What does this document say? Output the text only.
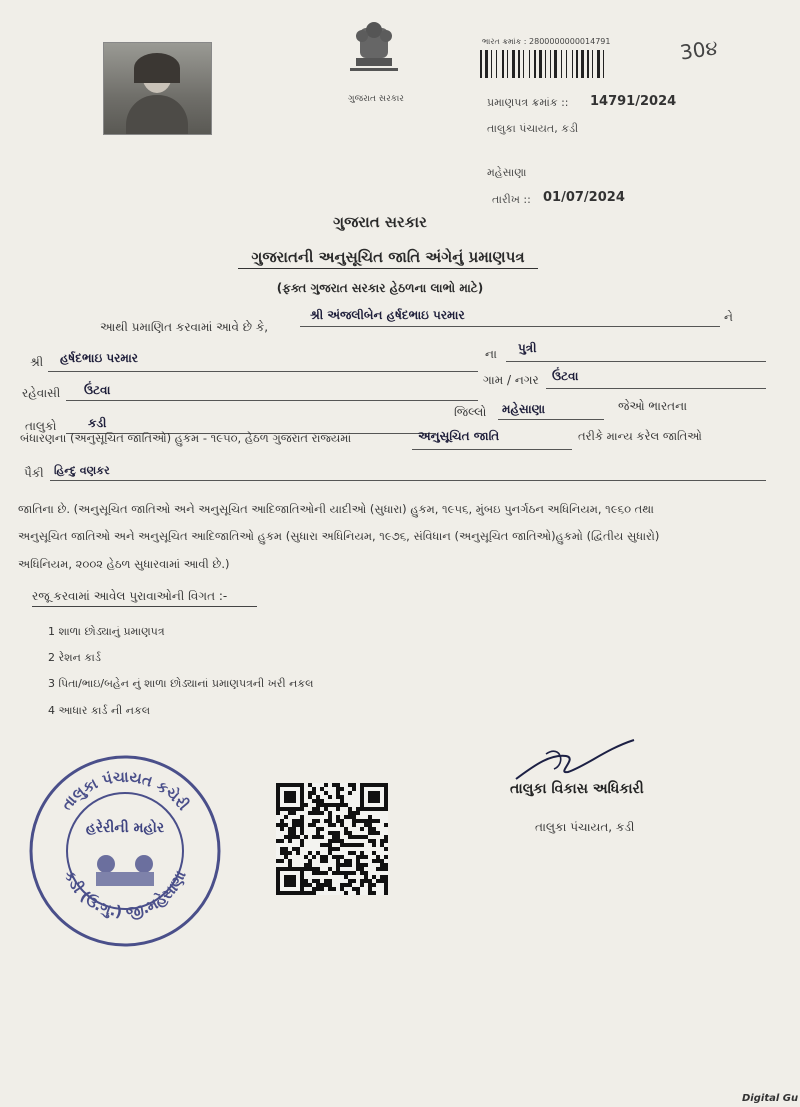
ગુજરાત સરકાર
ભારત ક્રમાંક : 2800000000014791	30૪
પ્રમાણપત્ર ક્રમાંક :: 14791/2024
તાલુકા પંચાયત, કડી
મહેસાણા
તારીખ :: 01/07/2024
ગુજરાત સરકાર
ગુજરાતની અનુસૂચિત જાતિ અંગેનું પ્રમાણપત્ર
(ફક્ત ગુજરાત સરકાર હેઠળના લાભો માટે)
આથી પ્રમાણિત કરવામાં આવે છે કે,
શ્રી અંજલીબેન હર્ષદભાઇ પરમાર	ને
શ્રી હર્ષદભાઇ પરમાર	ના પુત્રી
રહેવાસી ઉંટવા
ગામ / નગર ઉંટવા
તાલુકો	કડી
જિલ્લો મહેસાણા	જેઓ ભારતના
બંધારણના (અનુસૂચિત જાતિઓ) હુકમ - ૧૯૫૦, હેઠળ ગુજરાત રાજ્યમાં	અનુસૂચિત જાતિ	તરીકે માન્ય કરેલ જાતિઓ
પૈકી હિન્દુ વણકર
જાતિના છે. (અનુસૂચિત જાતિઓ અને અનુસૂચિત આદિજાતિઓની યાદીઓ (સુધારા) હુકમ, ૧૯૫૬, મુંબઇ પુનર્ગઠન અધિનિયમ, ૧૯૬૦ તથા
અનુસૂચિત જાતિઓ અને અનુસૂચિત આદિજાતિઓ હુકમ (સુધારા અધિનિયમ, ૧૯૭૬, સંવિધાન (અનુસૂચિત જાતિઓ)હુકમો (દ્વિતીય સુધારો)
અધિનિયમ, ૨૦૦૨ હેઠળ સુધારવામાં આવી છે.)
રજૂ કરવામાં આવેલ પુરાવાઓની વિગત :-
1 શાળા છોડ્યાનું પ્રમાણપત્ર
2 રેશન કાર્ડ
3 પિતા/ભાઇ/બહેન નું શાળા છોડ્યાનાં પ્રમાણપત્રની ખરી નકલ
4 આધાર કાર્ડ ની નકલ
તાલુકા પંચાયત કચેરી
કડી (ઉ.ગુ.) જી.મહેસાણા
હરેરીની મહોર
તાલુકા વિકાસ અધિકારી
તાલુકા પંચાયત, કડી
Digital Gu
